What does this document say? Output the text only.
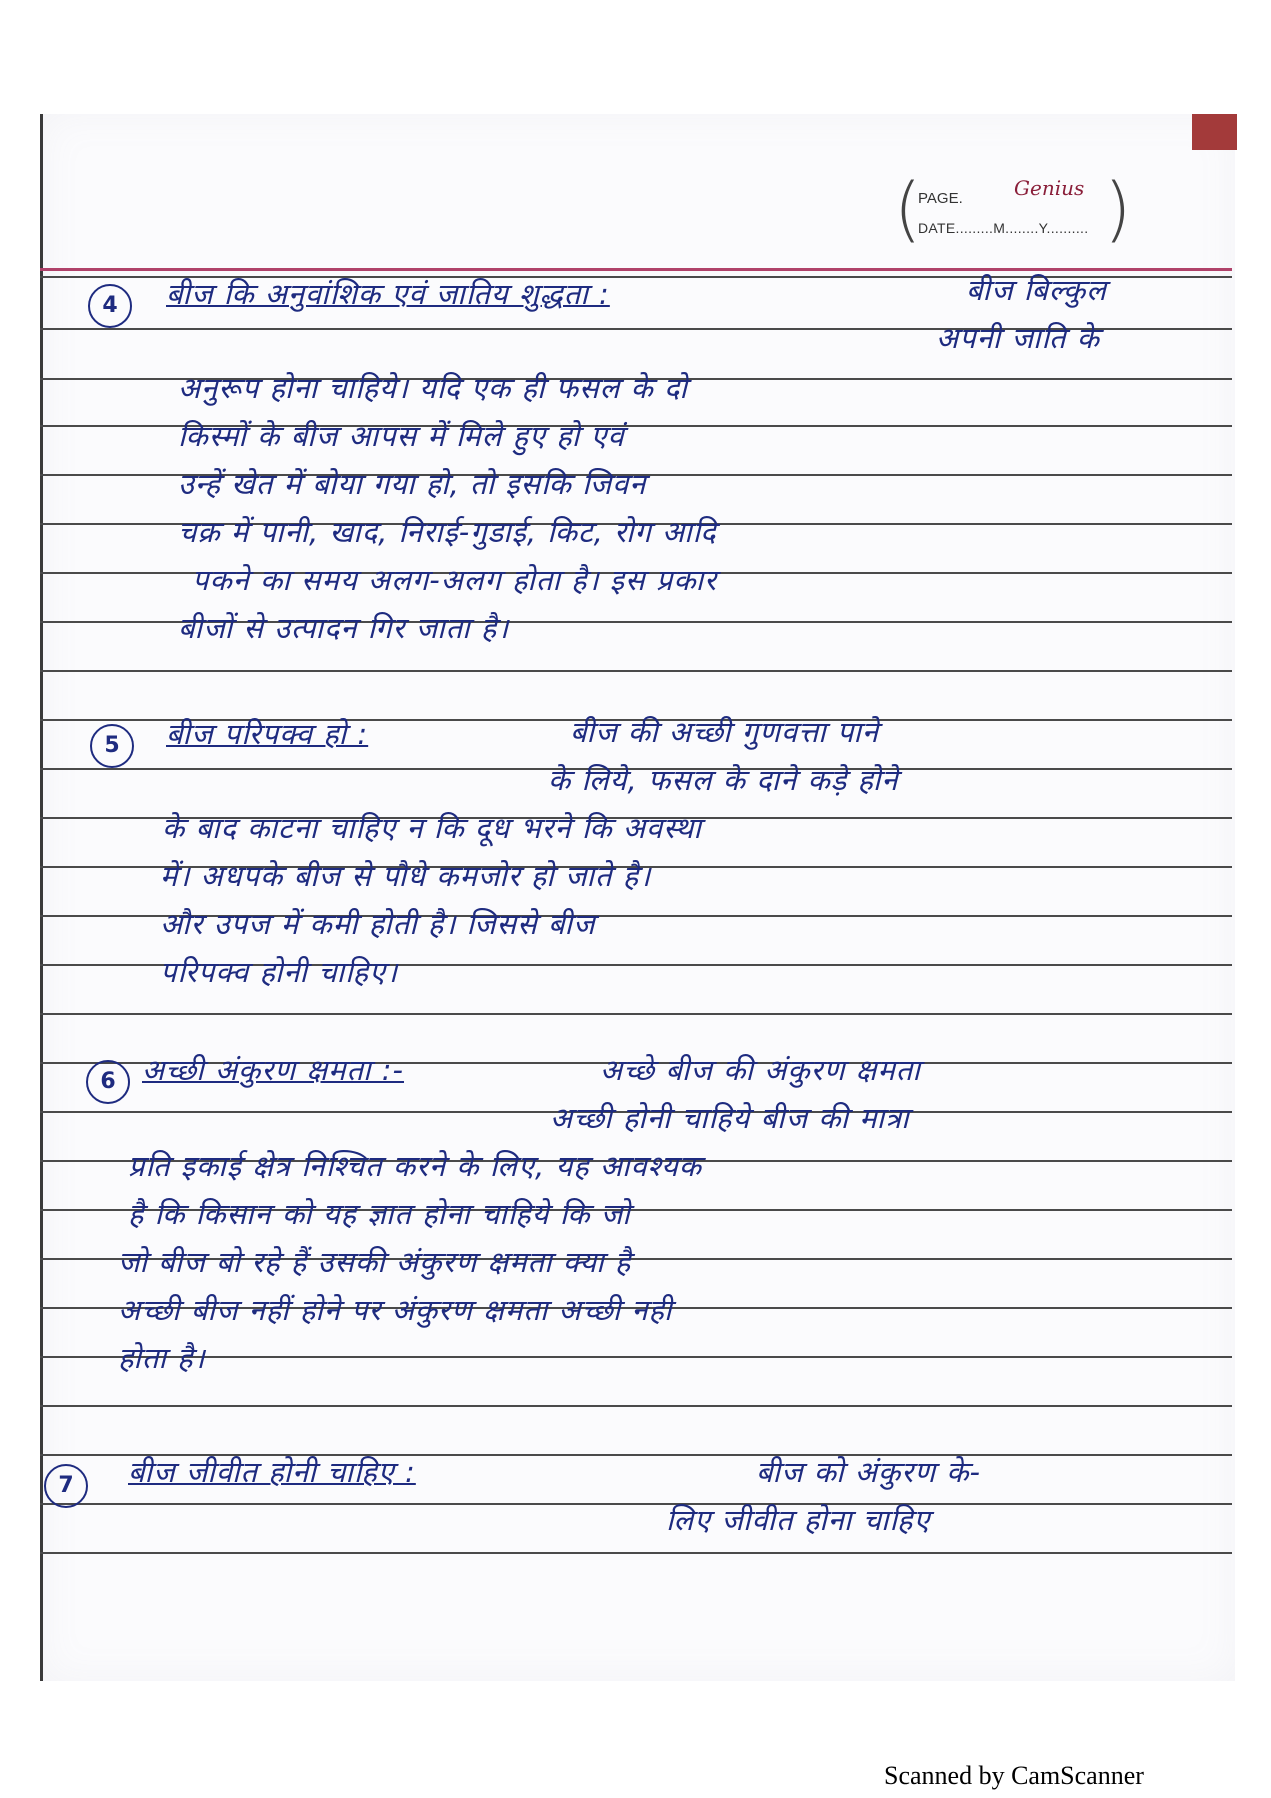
(	)
PAGE.	Genius
DATE.........M........Y..........
4	बीज कि अनुवांशिक एवं जातिय शुद्धता :	बीज बिल्कुल
अपनी जाति के
अनुरूप होना चाहिये। यदि एक ही फसल के दो
किस्मों के बीज आपस में मिले हुए हो एवं
उन्हें खेत में बोया गया हो, तो इसकि जिवन
चक्र में पानी, खाद, निराई-गुडाई, किट, रोग आदि
पकने का समय अलग-अलग होता है। इस प्रकार
बीजों से उत्पादन गिर जाता है।
5	बीज परिपक्व हो :	बीज की अच्छी गुणवत्ता पाने
के लिये, फसल के दाने कड़े होने
के बाद काटना चाहिए न कि दूध भरने कि अवस्था
में। अधपके बीज से पौधे कमजोर हो जाते है।
और उपज में कमी होती है। जिससे बीज
परिपक्व होनी चाहिए।
6 अच्छी अंकुरण क्षमता :-	अच्छे बीज की अंकुरण क्षमता
अच्छी होनी चाहिये बीज की मात्रा
प्रति इकाई क्षेत्र निश्चित करने के लिए, यह आवश्यक
है कि किसान को यह ज्ञात होना चाहिये कि जो
जो बीज बो रहे हैं उसकी अंकुरण क्षमता क्या है
अच्छी बीज नहीं होने पर अंकुरण क्षमता अच्छी नही
होता है।
7	बीज जीवीत होनी चाहिए :	बीज को अंकुरण के-
लिए जीवीत होना चाहिए
Scanned by CamScanner
